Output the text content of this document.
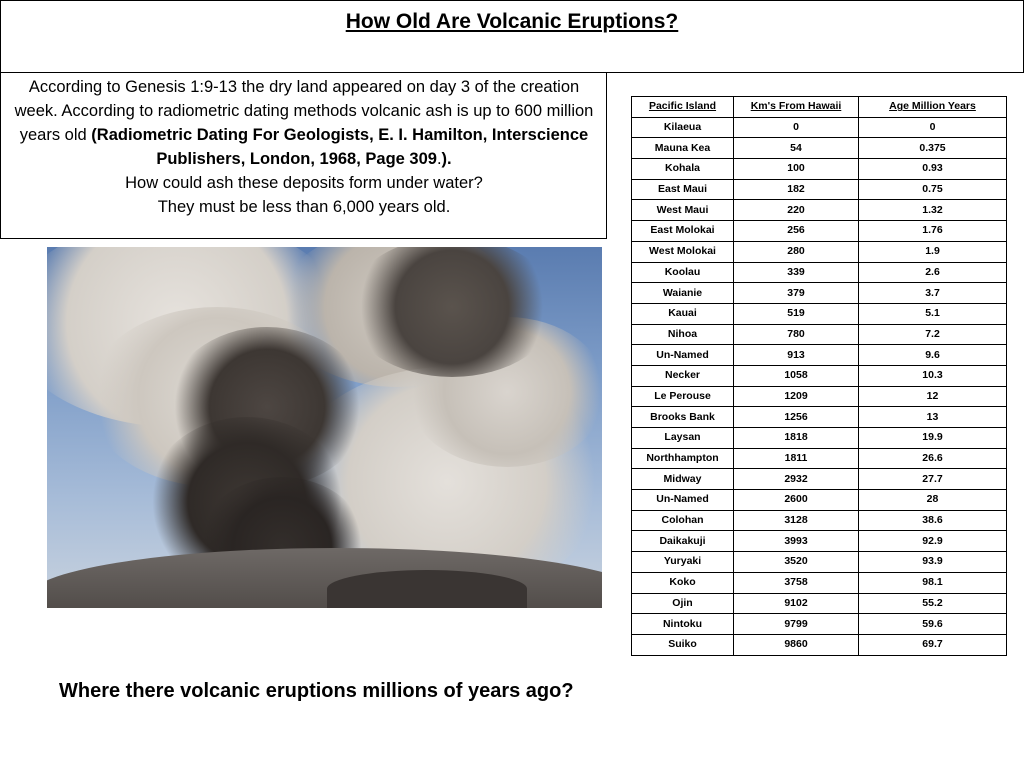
How Old Are Volcanic Eruptions?
According to Genesis 1:9-13 the dry land appeared on day 3 of the creation week. According to radiometric dating methods volcanic ash is up to 600 million years old (Radiometric Dating For Geologists, E. I. Hamilton, Interscience Publishers, London, 1968, Page 309.).
How could ash these deposits form under water?
They must be less than 6,000 years old.
Pacific Island	Km's From Hawaii	Age Million Years
Kilaeua	0	0
Mauna Kea	54	0.375
Kohala	100	0.93
East Maui	182	0.75
West Maui	220	1.32
East Molokai	256	1.76
West Molokai	280	1.9
Koolau	339	2.6
Waianie	379	3.7
Kauai	519	5.1
Nihoa	780	7.2
Un-Named	913	9.6
Necker	1058	10.3
Le Perouse	1209	12
Brooks Bank	1256	13
Laysan	1818	19.9
Northhampton	1811	26.6
Midway	2932	27.7
Un-Named	2600	28
Colohan	3128	38.6
Daikakuji	3993	92.9
Yuryaki	3520	93.9
Koko	3758	98.1
Ojin	9102	55.2
Nintoku	9799	59.6
Suiko	9860	69.7
Where there volcanic eruptions millions of years ago?
